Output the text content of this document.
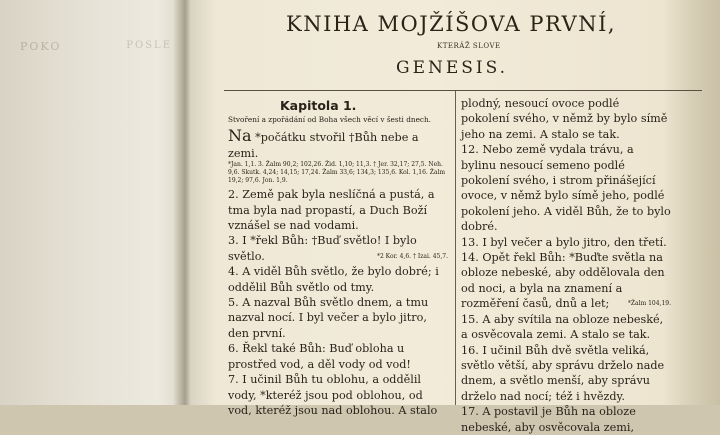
POKO	POSLE
KNIHA MOJŽÍŠOVA PRVNÍ,
KTERÁŽ SLOVE
GENESIS.
Kapitola 1.
Stvoření a zpořádání od Boha všech věcí v šesti dnech.
Na *počátku stvořil †Bůh nebe a zemi.
*Jan. 1,1. 3. Žalm 90,2; 102,26. Žid. 1,10; 11,3. † Jer. 32,17; 27,5. Neh. 9,6. Skutk. 4,24; 14,15; 17,24. Žalm 33,6; 134,3; 135,6. Kol. 1,16. Žalm 19,2; 97,6. Jon. 1,9.

2. Země pak byla neslíčná a pustá, a tma byla nad propastí, a Duch Boží vznášel se nad vodami.

3. I *řekl Bůh: †Buď světlo! I bylo světlo.	*2 Kor. 4,6. † Izai. 45,7.

4. A viděl Bůh světlo, že bylo dobré; i oddělil Bůh světlo od tmy.

5. A nazval Bůh světlo dnem, a tmu nazval nocí. I byl večer a bylo jitro, den první.

6. Řekl také Bůh: Buď obloha u prostřed vod, a děl vody od vod!

7. I učinil Bůh tu oblohu, a oddělil vody, *kteréž jsou pod oblohou, od vod, kteréž jsou nad oblohou. A stalo

plodný, nesoucí ovoce podlé pokolení svého, v němž by bylo símě jeho na zemi. A stalo se tak.

12. Nebo země vydala trávu, a bylinu nesoucí semeno podlé pokolení svého, i strom přinášející ovoce, v němž bylo símě jeho, podlé pokolení jeho. A viděl Bůh, že to bylo dobré.

13. I byl večer a bylo jitro, den třetí.

14. Opět řekl Bůh: *Buďte světla na obloze nebeské, aby oddělovala den od noci, a byla na znamení a rozměření časů, dnů a let;	*Žalm 104,19.

15. A aby svítila na obloze nebeské, a osvěcovala zemi. A stalo se tak.

16. I učinil Bůh dvě světla veliká, světlo větší, aby správu drželo nade dnem, a světlo menší, aby správu drželo nad nocí; též i hvězdy.

17. A postavil je Bůh na obloze nebeské, aby osvěcovala zemi,
